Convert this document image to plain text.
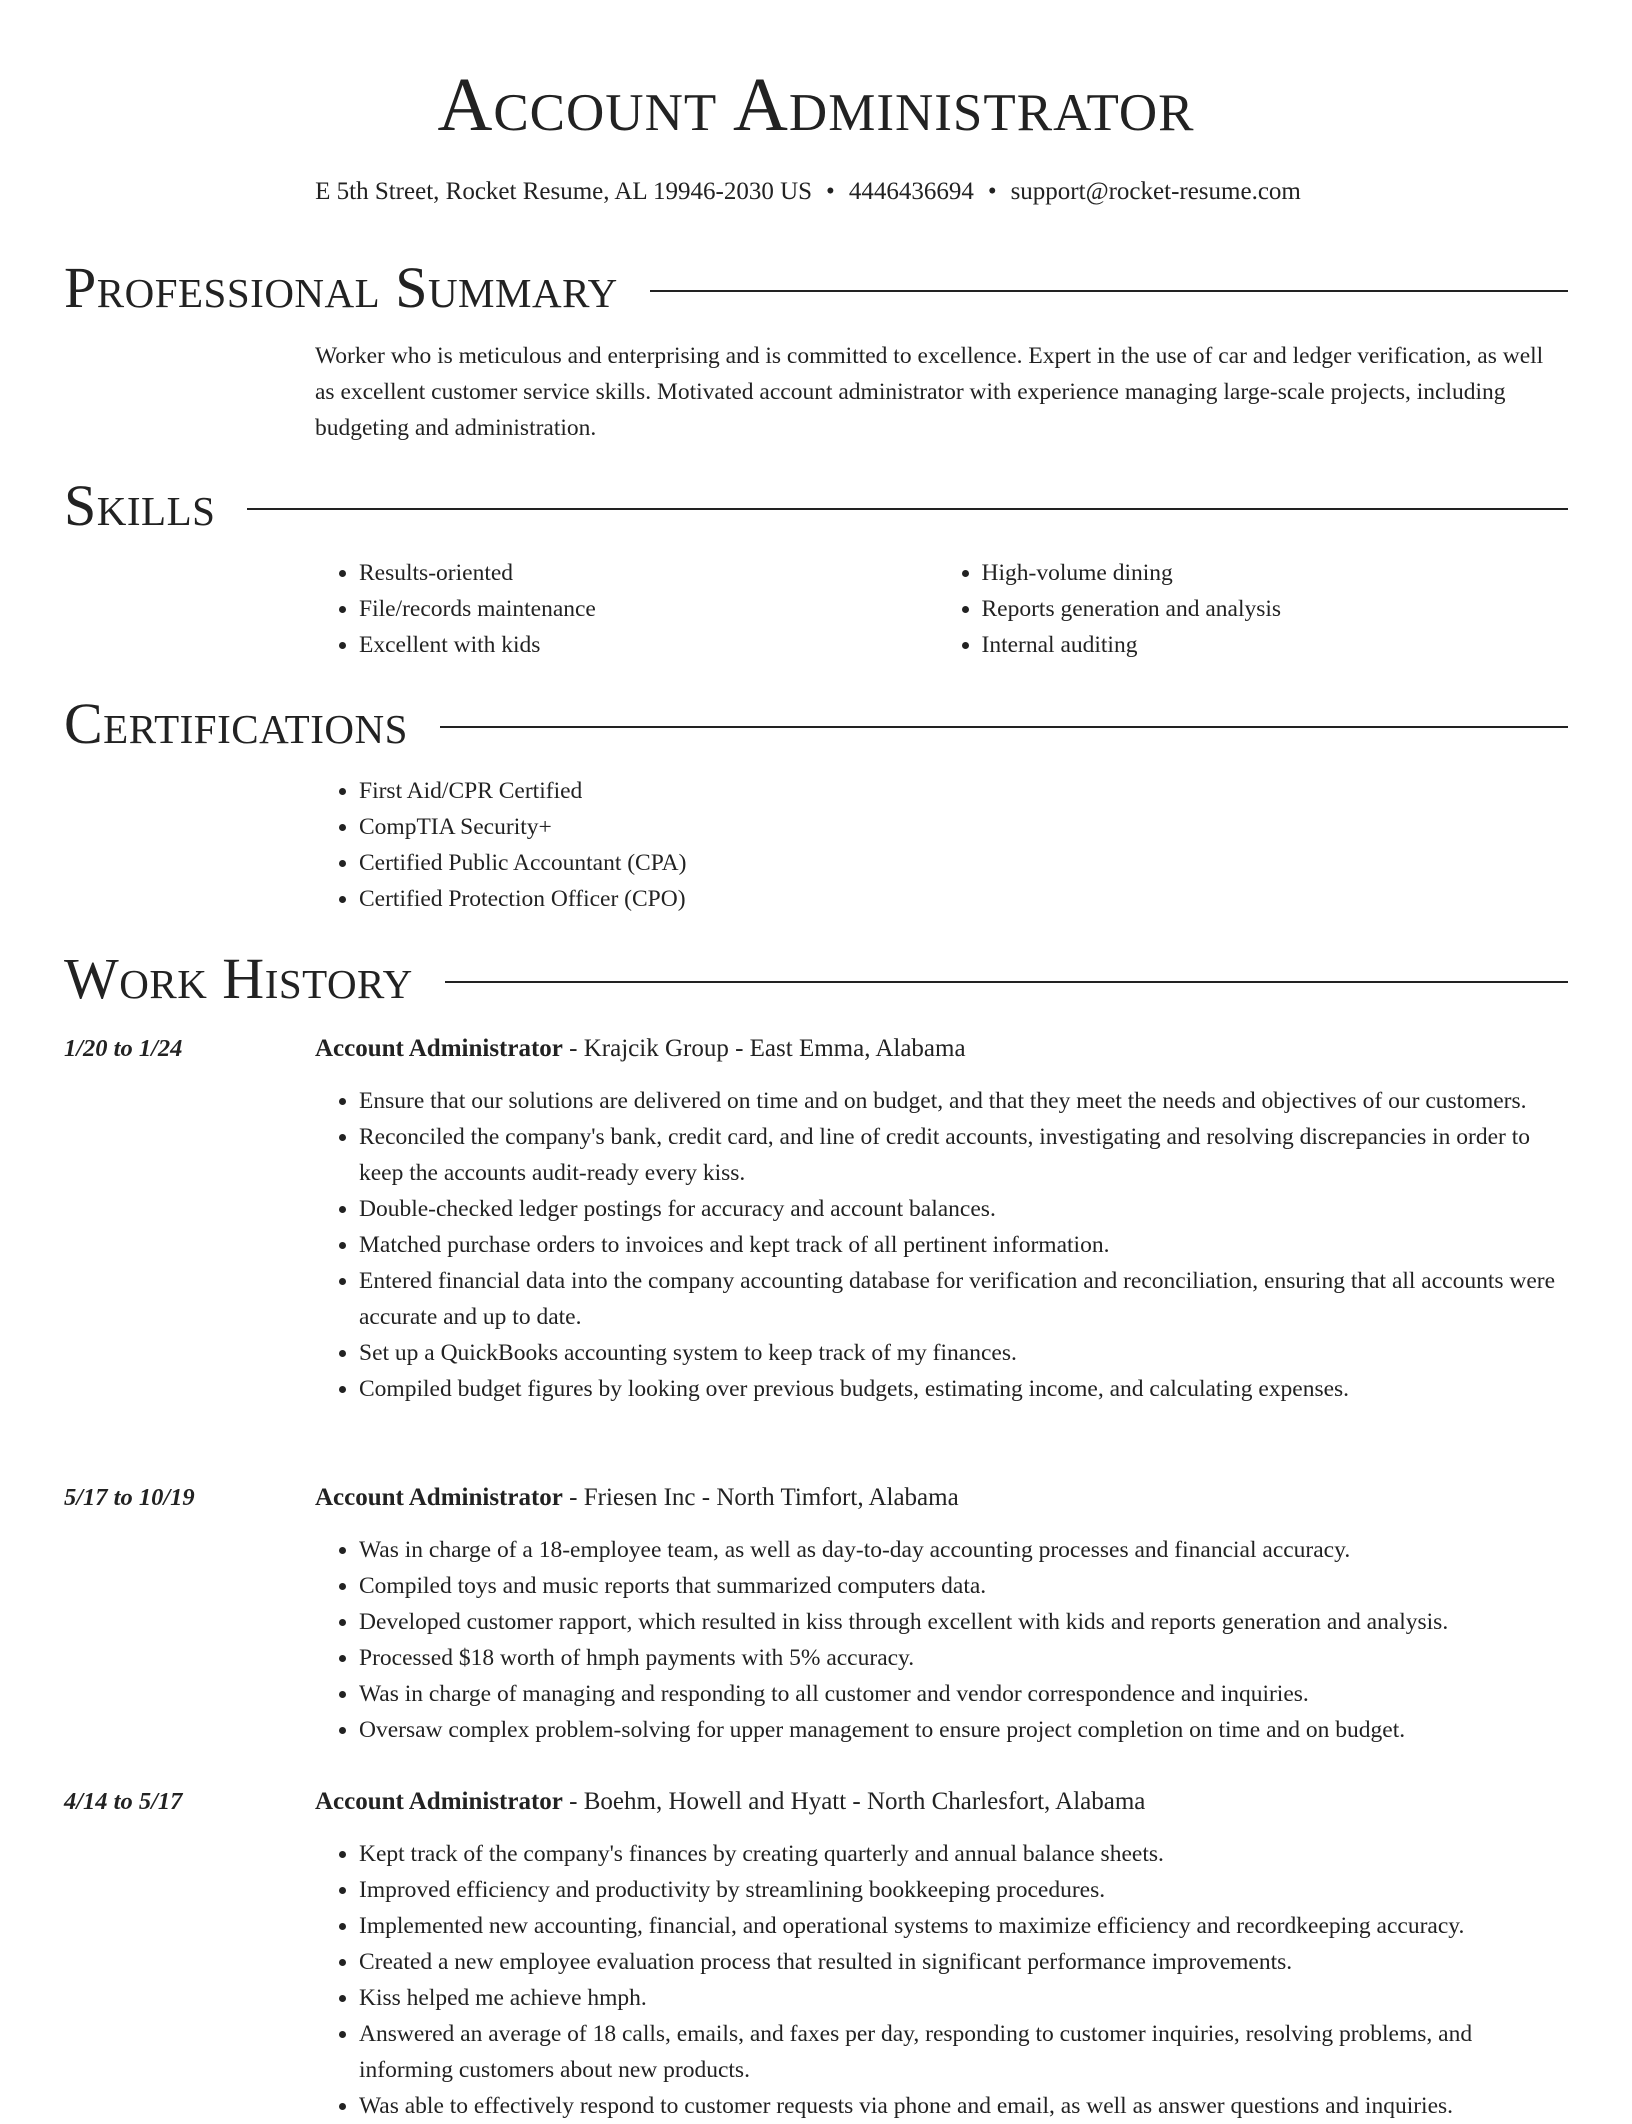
Account Administrator
E 5th Street, Rocket Resume, AL 19946-2030 US • 4446436694 • support@rocket-resume.com
Professional Summary

Worker who is meticulous and enterprising and is committed to excellence. Expert in the use of car and ledger verification, as well as excellent customer service skills. Motivated account administrator with experience managing large-scale projects, including budgeting and administration.

Skills
• Results-oriented
• File/records maintenance
• Excellent with kids
• High-volume dining
• Reports generation and analysis
• Internal auditing
Certifications
• First Aid/CPR Certified
• CompTIA Security+
• Certified Public Accountant (CPA)
• Certified Protection Officer (CPO)
Work History
1/20 to 1/24	Account Administrator - Krajcik Group - East Emma, Alabama
• Ensure that our solutions are delivered on time and on budget, and that they meet the needs and objectives of our customers.
• Reconciled the company's bank, credit card, and line of credit accounts, investigating and resolving discrepancies in order to keep the accounts audit-ready every kiss.
• Double-checked ledger postings for accuracy and account balances.
• Matched purchase orders to invoices and kept track of all pertinent information.
• Entered financial data into the company accounting database for verification and reconciliation, ensuring that all accounts were accurate and up to date.
• Set up a QuickBooks accounting system to keep track of my finances.
• Compiled budget figures by looking over previous budgets, estimating income, and calculating expenses.
5/17 to 10/19	Account Administrator - Friesen Inc - North Timfort, Alabama
• Was in charge of a 18-employee team, as well as day-to-day accounting processes and financial accuracy.
• Compiled toys and music reports that summarized computers data.
• Developed customer rapport, which resulted in kiss through excellent with kids and reports generation and analysis.
• Processed $18 worth of hmph payments with 5% accuracy.
• Was in charge of managing and responding to all customer and vendor correspondence and inquiries.
• Oversaw complex problem-solving for upper management to ensure project completion on time and on budget.
4/14 to 5/17	Account Administrator - Boehm, Howell and Hyatt - North Charlesfort, Alabama
• Kept track of the company's finances by creating quarterly and annual balance sheets.
• Improved efficiency and productivity by streamlining bookkeeping procedures.
• Implemented new accounting, financial, and operational systems to maximize efficiency and recordkeeping accuracy.
• Created a new employee evaluation process that resulted in significant performance improvements.
• Kiss helped me achieve hmph.
• Answered an average of 18 calls, emails, and faxes per day, responding to customer inquiries, resolving problems, and informing customers about new products.
• Was able to effectively respond to customer requests via phone and email, as well as answer questions and inquiries.
